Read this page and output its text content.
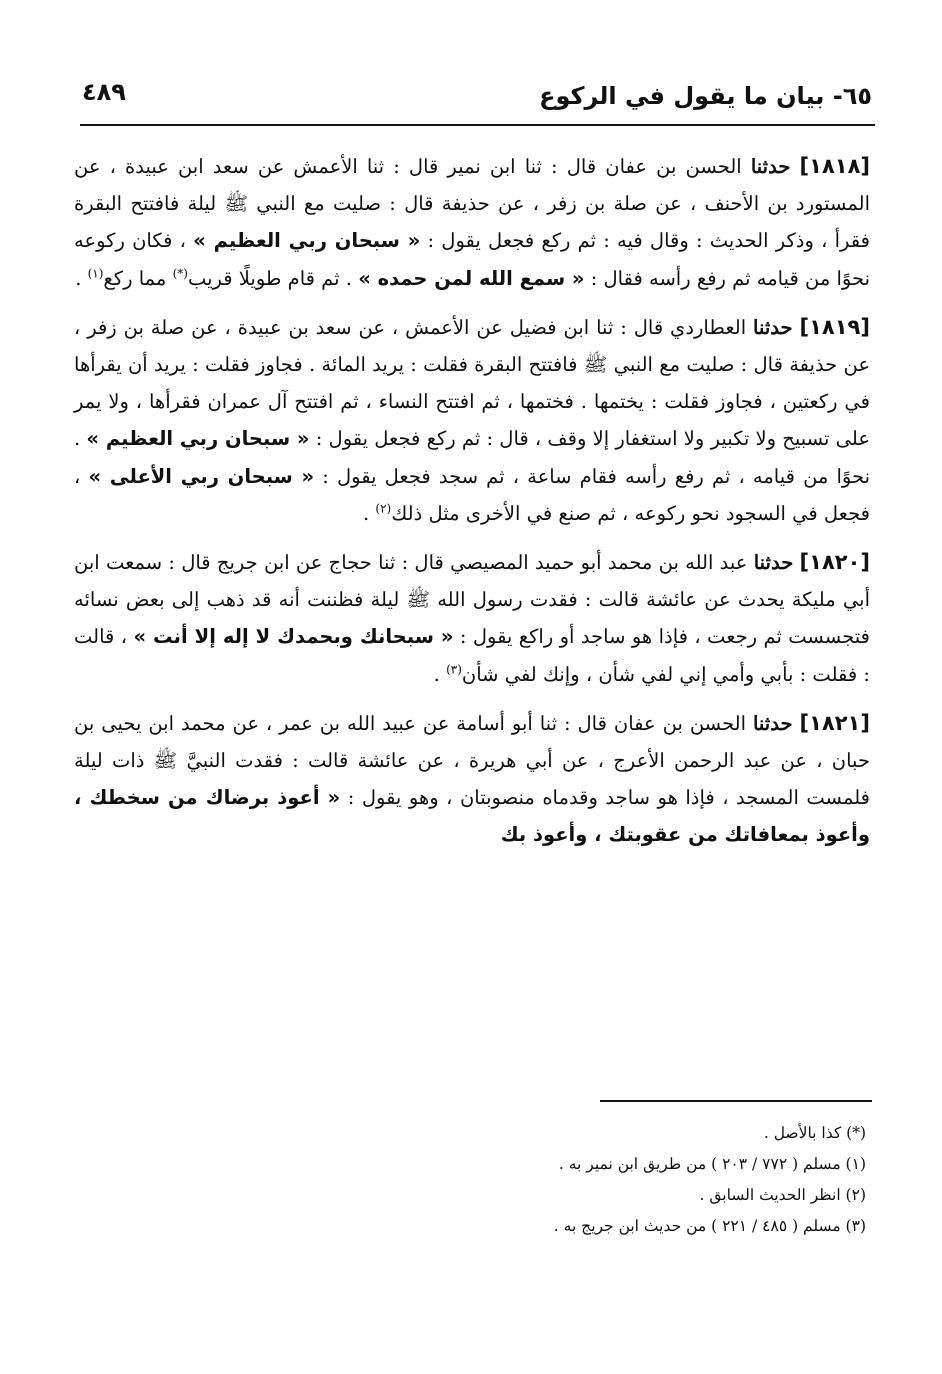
٦٥- بيان ما يقول في الركوع
٤٨٩

[١٨١٨] حدثنا الحسن بن عفان قال : ثنا ابن نمير قال : ثنا الأعمش عن سعد ابن عبيدة ، عن المستورد بن الأحنف ، عن صلة بن زفر ، عن حذيفة قال : صليت مع النبي ﷺ ليلة فافتتح البقرة فقرأ ، وذكر الحديث : وقال فيه : ثم ركع فجعل يقول : « سبحان ربي العظيم » ، فكان ركوعه نحوًا من قيامه ثم رفع رأسه فقال : « سمع الله لمن حمده » . ثم قام طويلًا قريب(*) مما ركع$^{(١)}$ .

[١٨١٩] حدثنا العطاردي قال : ثنا ابن فضيل عن الأعمش ، عن سعد بن عبيدة ، عن صلة بن زفر ، عن حذيفة قال : صليت مع النبي ﷺ فافتتح البقرة فقلت : يريد المائة . فجاوز فقلت : يريد أن يقرأها في ركعتين ، فجاوز فقلت : يختمها . فختمها ، ثم افتتح النساء ، ثم افتتح آل عمران فقرأها ، ولا يمر على تسبيح ولا تكبير ولا استغفار إلا وقف ، قال : ثم ركع فجعل يقول : « سبحان ربي العظيم » . نحوًا من قيامه ، ثم رفع رأسه فقام ساعة ، ثم سجد فجعل يقول : « سبحان ربي الأعلى » ، فجعل في السجود نحو ركوعه ، ثم صنع في الأخرى مثل ذلك$^{(٢)}$ .

[١٨٢٠] حدثنا عبد الله بن محمد أبو حميد المصيصي قال : ثنا حجاج عن ابن جريج قال : سمعت ابن أبي مليكة يحدث عن عائشة قالت : فقدت رسول الله ﷺ ليلة فظننت أنه قد ذهب إلى بعض نسائه فتجسست ثم رجعت ، فإذا هو ساجد أو راكع يقول : « سبحانك وبحمدك لا إله إلا أنت » ، قالت : فقلت : بأبي وأمي إني لفي شأن ، وإنك لفي شأن$^{(٣)}$ .

[١٨٢١] حدثنا الحسن بن عفان قال : ثنا أبو أسامة عن عبيد الله بن عمر ، عن محمد ابن يحيى بن حبان ، عن عبد الرحمن الأعرج ، عن أبي هريرة ، عن عائشة قالت : فقدت النبيَّ ﷺ ذات ليلة فلمست المسجد ، فإذا هو ساجد وقدماه منصوبتان ، وهو يقول : « أعوذ برضاك من سخطك ، وأعوذ بمعافاتك من عقوبتك ، وأعوذ بك

(*) كذا بالأصل .
(١) مسلم ( ٧٧٢ / ٢٠٣ ) من طريق ابن نمير به .
(٢) انظر الحديث السابق .
(٣) مسلم ( ٤٨٥ / ٢٢١ ) من حديث ابن جريج به .
